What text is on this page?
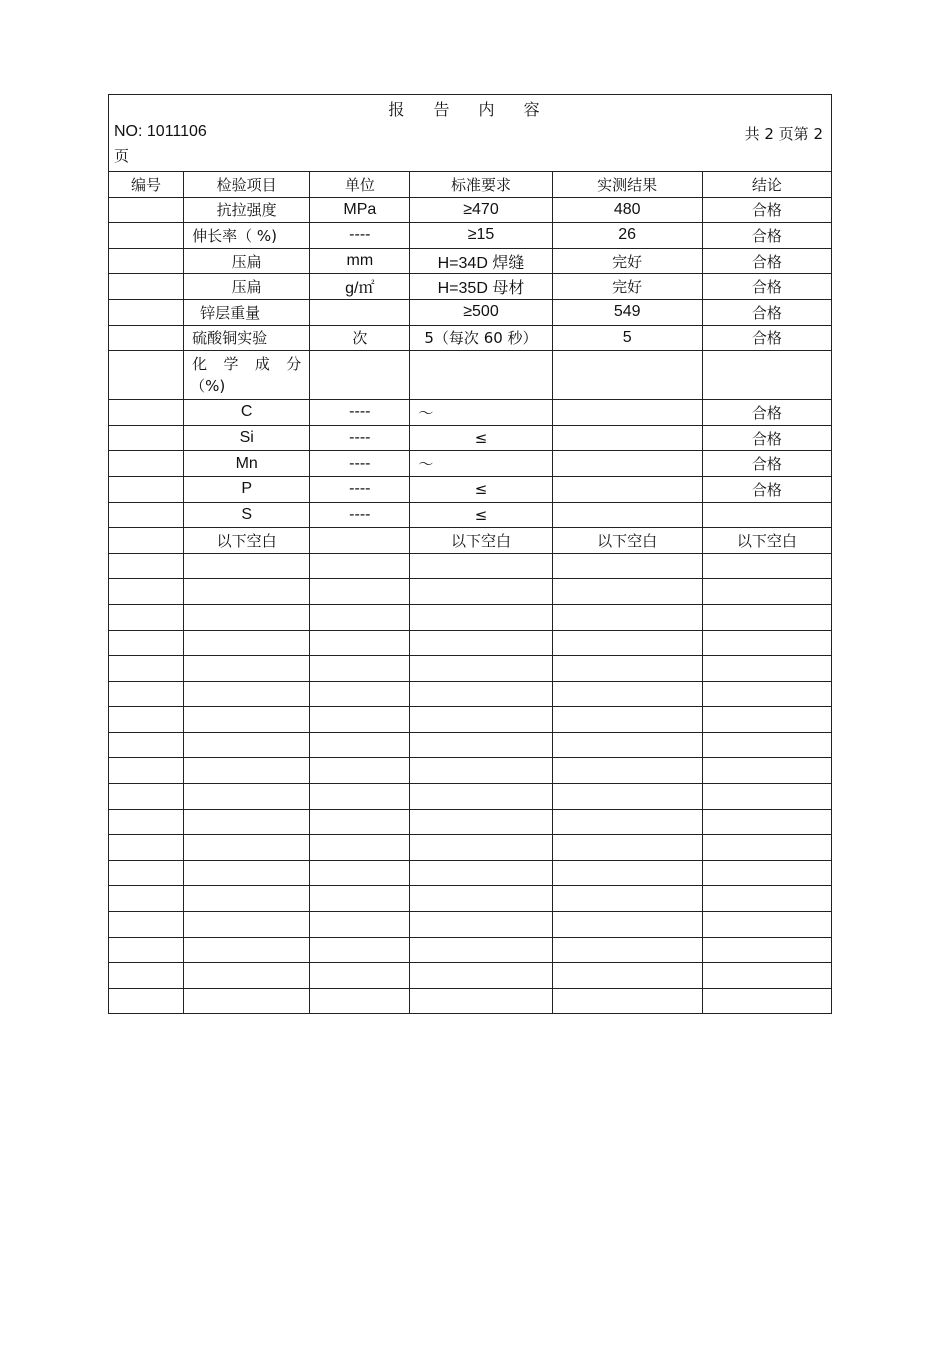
报 告 内 容
NO: 1011106
页
共 2 页第 2
编号	检验项目	单位	标准要求	实测结果	结论
	抗拉强度	MPa	≥470	480	合格
	伸长率（ %)	----	≥15	26	合格
	压扁	mm	H=34D 焊缝	完好	合格
	压扁	g/㎡	H=35D 母材	完好	合格
	锌层重量		≥500	549	合格
	硫酸铜实验	次	5（每次 60 秒）	5	合格

	化 学 成 分
（%)				

	C	----	～		合格
	Si	----	≤		合格
	Mn	----	～		合格
	P	----	≤		合格
	S	----	≤		
	以下空白		以下空白	以下空白	以下空白
